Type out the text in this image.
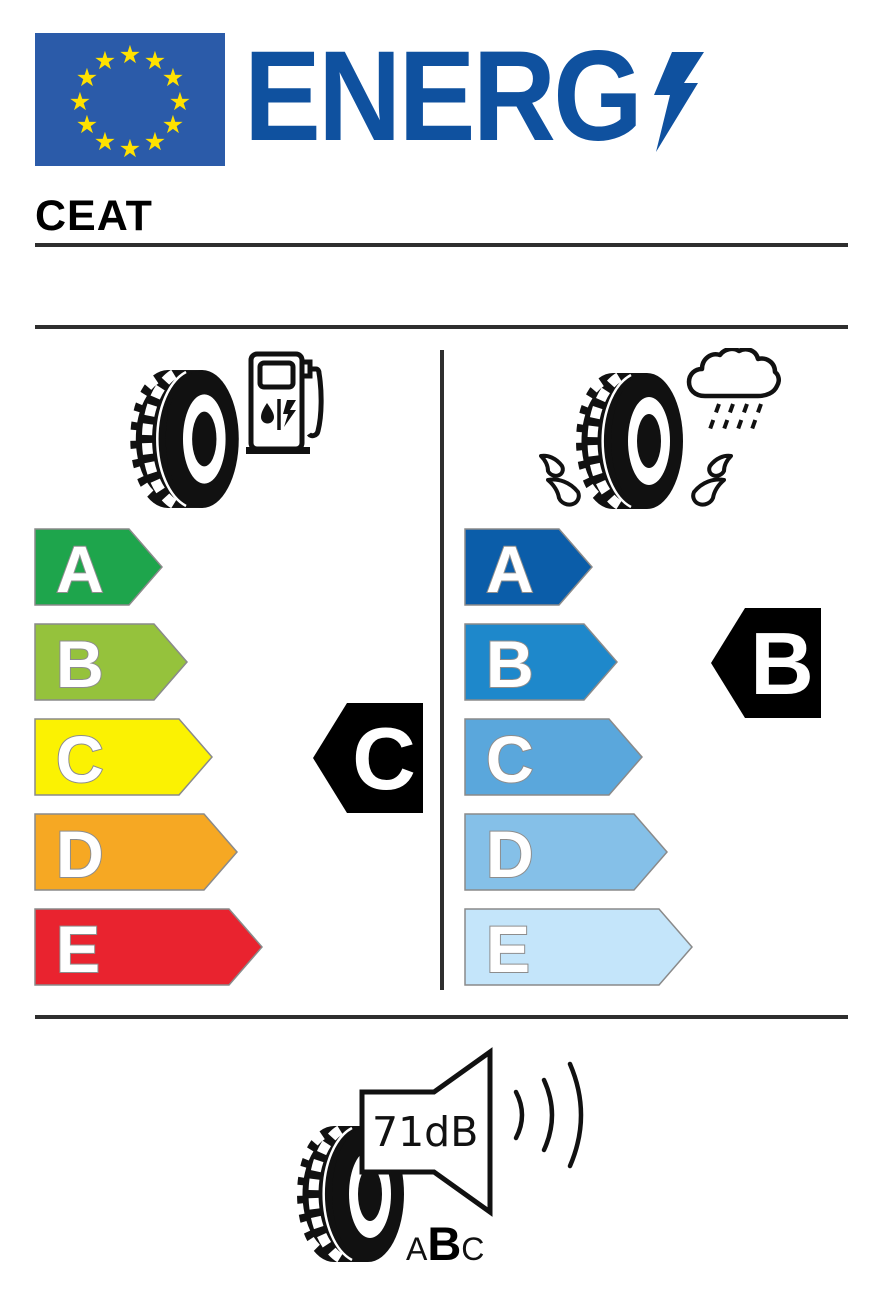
★ ★
★
★
★
★
★
★
★
★
★
★ ENERG
CEAT
A
B
C
D
E
A
B
C
D
E
C
B
71dB
ABC
